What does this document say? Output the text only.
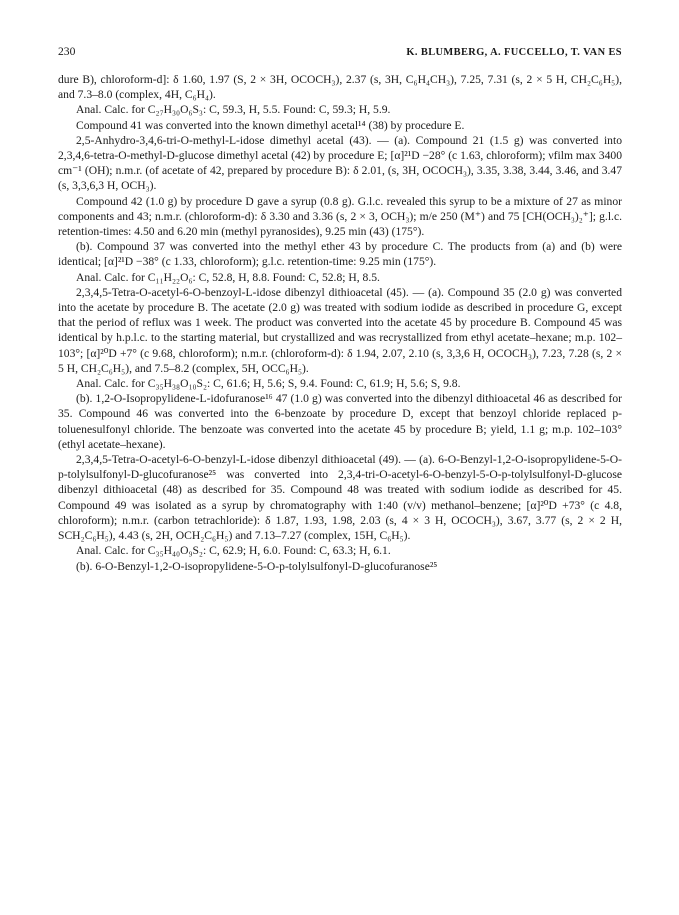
230	K. BLUMBERG, A. FUCCELLO, T. VAN ES

dure B), chloroform-d]: δ 1.60, 1.97 (S, 2 × 3H, OCOCH₃), 2.37 (s, 3H, C₆H₄CH₃), 7.25, 7.31 (s, 2 × 5 H, CH₂C₆H₅), and 7.3–8.0 (complex, 4H, C₆H₄).

Anal. Calc. for C₂₇H₃₀O₆S₃: C, 59.3, H, 5.5. Found: C, 59.3; H, 5.9.

Compound 41 was converted into the known dimethyl acetal¹⁴ (38) by procedure E.

2,5-Anhydro-3,4,6-tri-O-methyl-L-idose dimethyl acetal (43). — (a). Compound 21 (1.5 g) was converted into 2,3,4,6-tetra-O-methyl-D-glucose dimethyl acetal (42) by procedure E; [α]²¹D −28° (c 1.63, chloroform); νfilm max 3400 cm⁻¹ (OH); n.m.r. (of acetate of 42, prepared by procedure B): δ 2.01, (s, 3H, OCOCH₃), 3.35, 3.38, 3.44, 3.46, and 3.47 (s, 3,3,6,3 H, OCH₃).

Compound 42 (1.0 g) by procedure D gave a syrup (0.8 g). G.l.c. revealed this syrup to be a mixture of 27 as minor components and 43; n.m.r. (chloroform-d): δ 3.30 and 3.36 (s, 2 × 3, OCH₃); m/e 250 (M⁺) and 75 [CH(OCH₃)₂⁺]; g.l.c. retention-times: 4.50 and 6.20 min (methyl pyranosides), 9.25 min (43) (175°).

(b). Compound 37 was converted into the methyl ether 43 by procedure C. The products from (a) and (b) were identical; [α]²¹D −38° (c 1.33, chloroform); g.l.c. retention-time: 9.25 min (175°).

Anal. Calc. for C₁₁H₂₂O₆: C, 52.8, H, 8.8. Found: C, 52.8; H, 8.5.

2,3,4,5-Tetra-O-acetyl-6-O-benzoyl-L-idose dibenzyl dithioacetal (45). — (a). Compound 35 (2.0 g) was converted into the acetate by procedure B. The acetate (2.0 g) was treated with sodium iodide as described in procedure G, except that the period of reflux was 1 week. The product was converted into the acetate 45 by procedure B. Compound 45 was identical by h.p.l.c. to the starting material, but crystallized and was recrystallized from ethyl acetate–hexane; m.p. 102–103°; [α]²⁰D +7° (c 9.68, chloroform); n.m.r. (chloroform-d): δ 1.94, 2.07, 2.10 (s, 3,3,6 H, OCOCH₃), 7.23, 7.28 (s, 2 × 5 H, CH₂C₆H₅), and 7.5–8.2 (complex, 5H, OCC₆H₅).

Anal. Calc. for C₃₅H₃₈O₁₀S₂: C, 61.6; H, 5.6; S, 9.4. Found: C, 61.9; H, 5.6; S, 9.8.

(b). 1,2-O-Isopropylidene-L-idofuranose¹⁶ 47 (1.0 g) was converted into the dibenzyl dithioacetal 46 as described for 35. Compound 46 was converted into the 6-benzoate by procedure D, except that benzoyl chloride replaced p-toluenesulfonyl chloride. The benzoate was converted into the acetate 45 by procedure B; yield, 1.1 g; m.p. 102–103° (ethyl acetate–hexane).

2,3,4,5-Tetra-O-acetyl-6-O-benzyl-L-idose dibenzyl dithioacetal (49). — (a). 6-O-Benzyl-1,2-O-isopropylidene-5-O-p-tolylsulfonyl-D-glucofuranose²⁵ was converted into 2,3,4-tri-O-acetyl-6-O-benzyl-5-O-p-tolylsulfonyl-D-glucose dibenzyl dithioacetal (48) as described for 35. Compound 48 was treated with sodium iodide as described for 45. Compound 49 was isolated as a syrup by chromatography with 1:40 (v/v) methanol–benzene; [α]²⁰D +73° (c 4.8, chloroform); n.m.r. (carbon tetrachloride): δ 1.87, 1.93, 1.98, 2.03 (s, 4 × 3 H, OCOCH₃), 3.67, 3.77 (s, 2 × 2 H, SCH₂C₆H₅), 4.43 (s, 2H, OCH₂C₆H₅) and 7.13–7.27 (complex, 15H, C₆H₅).

Anal. Calc. for C₃₅H₄₀O₉S₂: C, 62.9; H, 6.0. Found: C, 63.3; H, 6.1.

(b). 6-O-Benzyl-1,2-O-isopropylidene-5-O-p-tolylsulfonyl-D-glucofuranose²⁵
